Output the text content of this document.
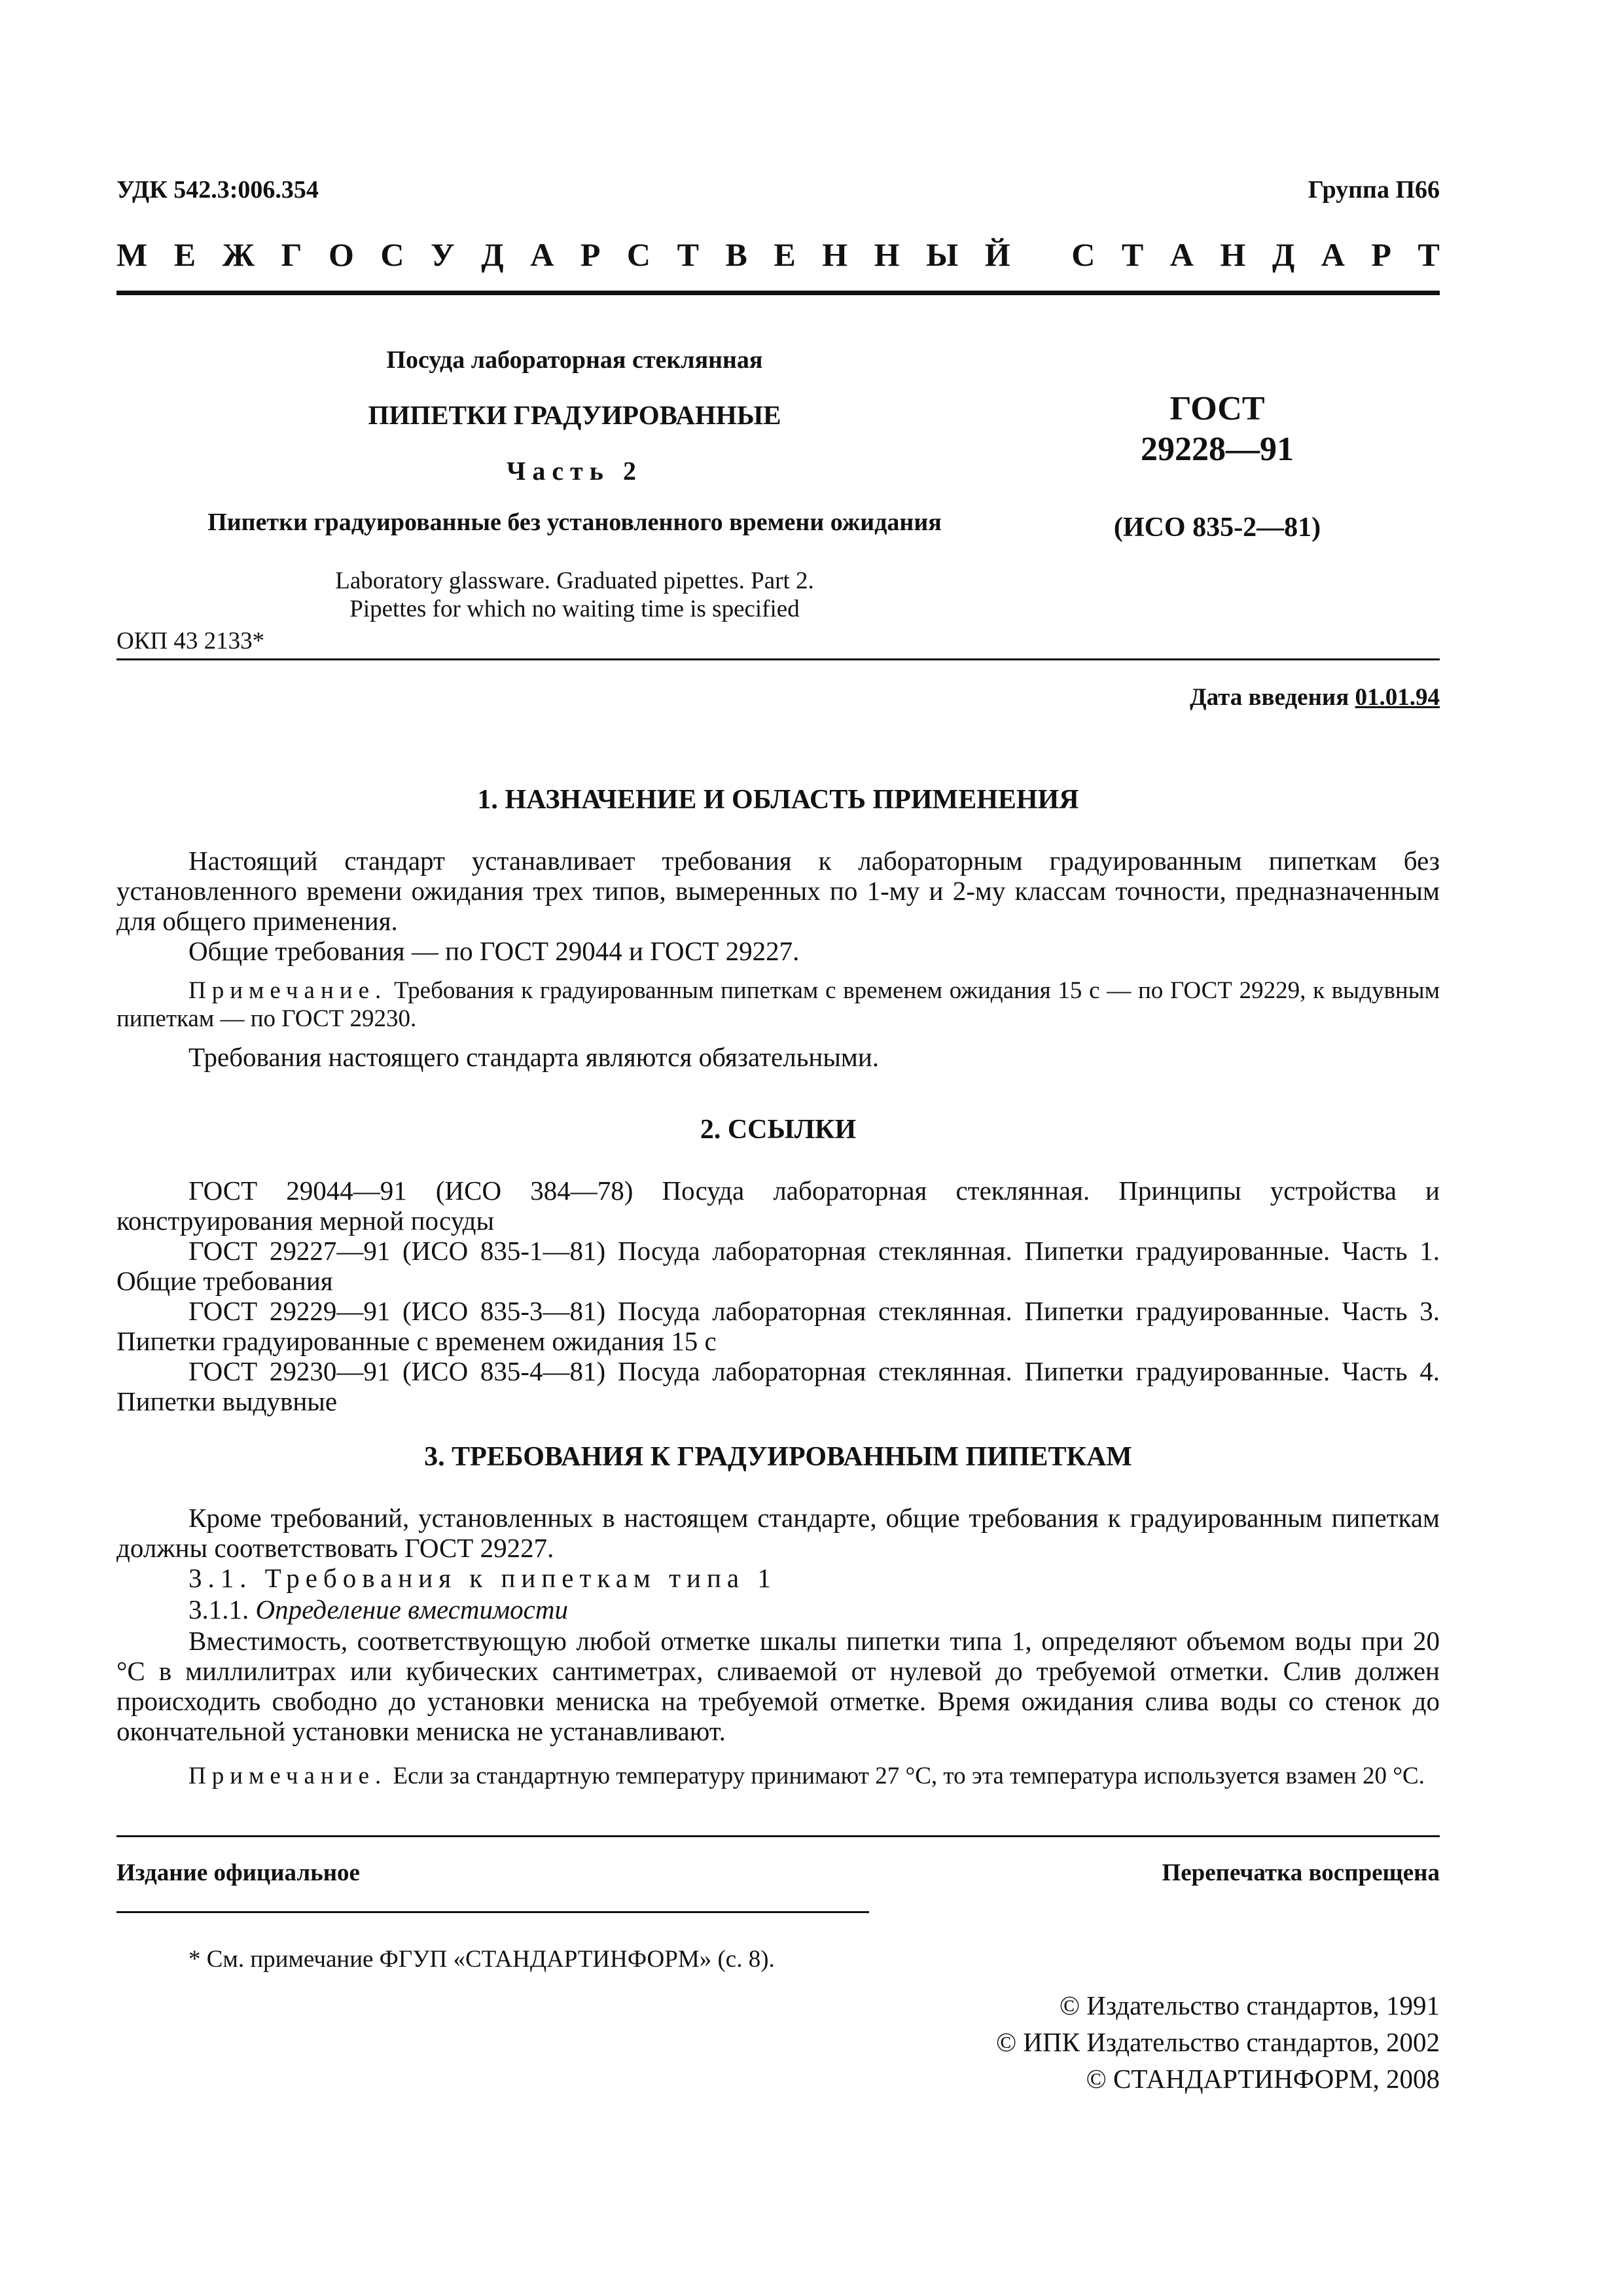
УДК 542.3:006.354	Группа П66
М Е Ж Г О С У Д А Р С Т В Е Н Н Ы Й
С Т А Н Д А Р Т
Посуда лабораторная стеклянная
ПИПЕТКИ ГРАДУИРОВАННЫЕ
Часть 2
Пипетки градуированные без установленного времени ожидания
Laboratory glassware. Graduated pipettes. Part 2.
Pipettes for which no waiting time is specified
ГОСТ
29228—91
(ИСО 835-2—81)
ОКП 43 2133*
Дата введения 01.01.94
1. НАЗНАЧЕНИЕ И ОБЛАСТЬ ПРИМЕНЕНИЯ
Настоящий стандарт устанавливает требования к лабораторным градуированным пипеткам без установленного времени ожидания трех типов, вымеренных по 1-му и 2-му классам точности, предназначенным для общего применения.
Общие требования — по ГОСТ 29044 и ГОСТ 29227.
Примечание. Требования к градуированным пипеткам с временем ожидания 15 с — по ГОСТ 29229, к выдувным пипеткам — по ГОСТ 29230.
Требования настоящего стандарта являются обязательными.
2. ССЫЛКИ
ГОСТ 29044—91 (ИСО 384—78) Посуда лабораторная стеклянная. Принципы устройства и конструирования мерной посуды
ГОСТ 29227—91 (ИСО 835-1—81) Посуда лабораторная стеклянная. Пипетки градуированные. Часть 1. Общие требования
ГОСТ 29229—91 (ИСО 835-3—81) Посуда лабораторная стеклянная. Пипетки градуированные. Часть 3. Пипетки градуированные с временем ожидания 15 с
ГОСТ 29230—91 (ИСО 835-4—81) Посуда лабораторная стеклянная. Пипетки градуированные. Часть 4. Пипетки выдувные
3. ТРЕБОВАНИЯ К ГРАДУИРОВАННЫМ ПИПЕТКАМ
Кроме требований, установленных в настоящем стандарте, общие требования к градуированным пипеткам должны соответствовать ГОСТ 29227.
3.1. Требования к пипеткам типа 1
3.1.1. Определение вместимости
Вместимость, соответствующую любой отметке шкалы пипетки типа 1, определяют объемом воды при 20 °С в миллилитрах или кубических сантиметрах, сливаемой от нулевой до требуемой отметки. Слив должен происходить свободно до установки мениска на требуемой отметке. Время ожидания слива воды со стенок до окончательной установки мениска не устанавливают.
Примечание. Если за стандартную температуру принимают 27 °С, то эта температура используется взамен 20 °С.
Издание официальное	Перепечатка воспрещена
* См. примечание ФГУП «СТАНДАРТИНФОРМ» (с. 8).
© Издательство стандартов, 1991
© ИПК Издательство стандартов, 2002
© СТАНДАРТИНФОРМ, 2008
